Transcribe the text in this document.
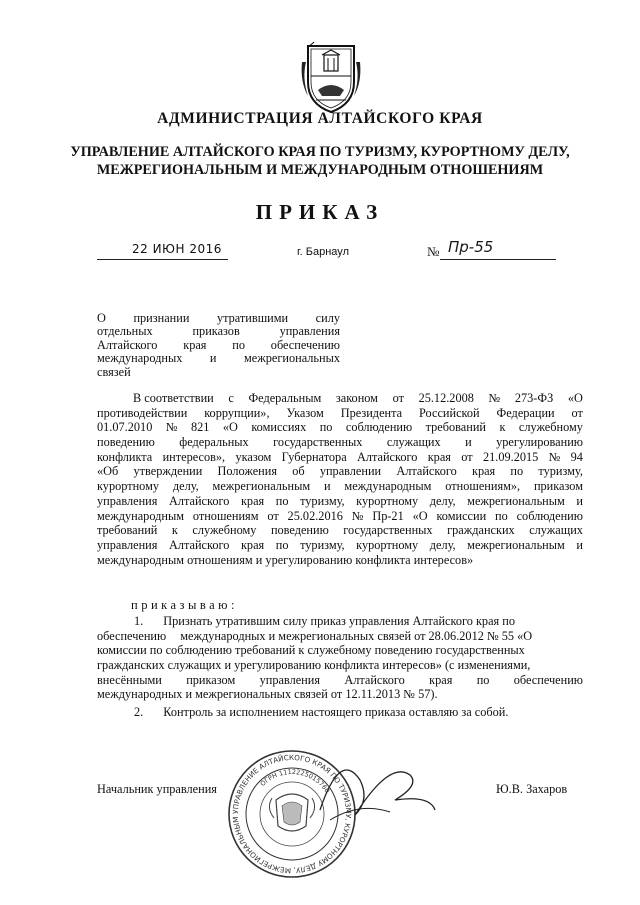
АДМИНИСТРАЦИЯ АЛТАЙСКОГО КРАЯ
УПРАВЛЕНИЕ АЛТАЙСКОГО КРАЯ ПО ТУРИЗМУ, КУРОРТНОМУ ДЕЛУ,
МЕЖРЕГИОНАЛЬНЫМ И МЕЖДУНАРОДНЫМ ОТНОШЕНИЯМ
ПРИКАЗ
22 ИЮН 2016	г. Барнаул	№ Пр-55
О признании утратившими силу
отдельных	приказов	управления
Алтайского края по обеспечению
международных и межрегиональных
связей
В соответствии с Федеральным законом от 25.12.2008 № 273-ФЗ «О
противодействии коррупции», Указом Президента Российской Федерации от
01.07.2010 № 821 «О комиссиях по соблюдению требований к служебному
поведению федеральных государственных служащих и урегулированию
конфликта интересов», указом Губернатора Алтайского края от 21.09.2015 № 94
«Об утверждении Положения об управлении Алтайского края по туризму,
курортному делу, межрегиональным и международным отношениям», приказом
управления Алтайского края по туризму, курортному делу, межрегиональным и
международным отношениям от 25.02.2016 № Пр-21 «О комиссии по соблюдению
требований к служебному поведению государственных гражданских служащих
управления Алтайского края по туризму, курортному делу, межрегиональным и
международным отношениям и урегулированию конфликта интересов»
приказываю:
1. Признать утратившим силу приказ управления Алтайского края по
обеспечению международных и межрегиональных связей от 28.06.2012 № 55 «О
комиссии по соблюдению требований к служебному поведению государственных
гражданских служащих и урегулированию конфликта интересов» (с изменениями,
внесёнными приказом управления Алтайского края по обеспечению
международных и межрегиональных связей от 12.11.2013 № 57).
2. Контроль за исполнением настоящего приказа оставляю за собой.
УПРАВЛЕНИЕ АЛТАЙСКОГО КРАЯ ПО ТУРИЗМУ, КУРОРТНОМУ ДЕЛУ, МЕЖРЕГИОНАЛЬНЫМ
ОГРН 1112225015760
Начальник управления	Ю.В. Захаров
